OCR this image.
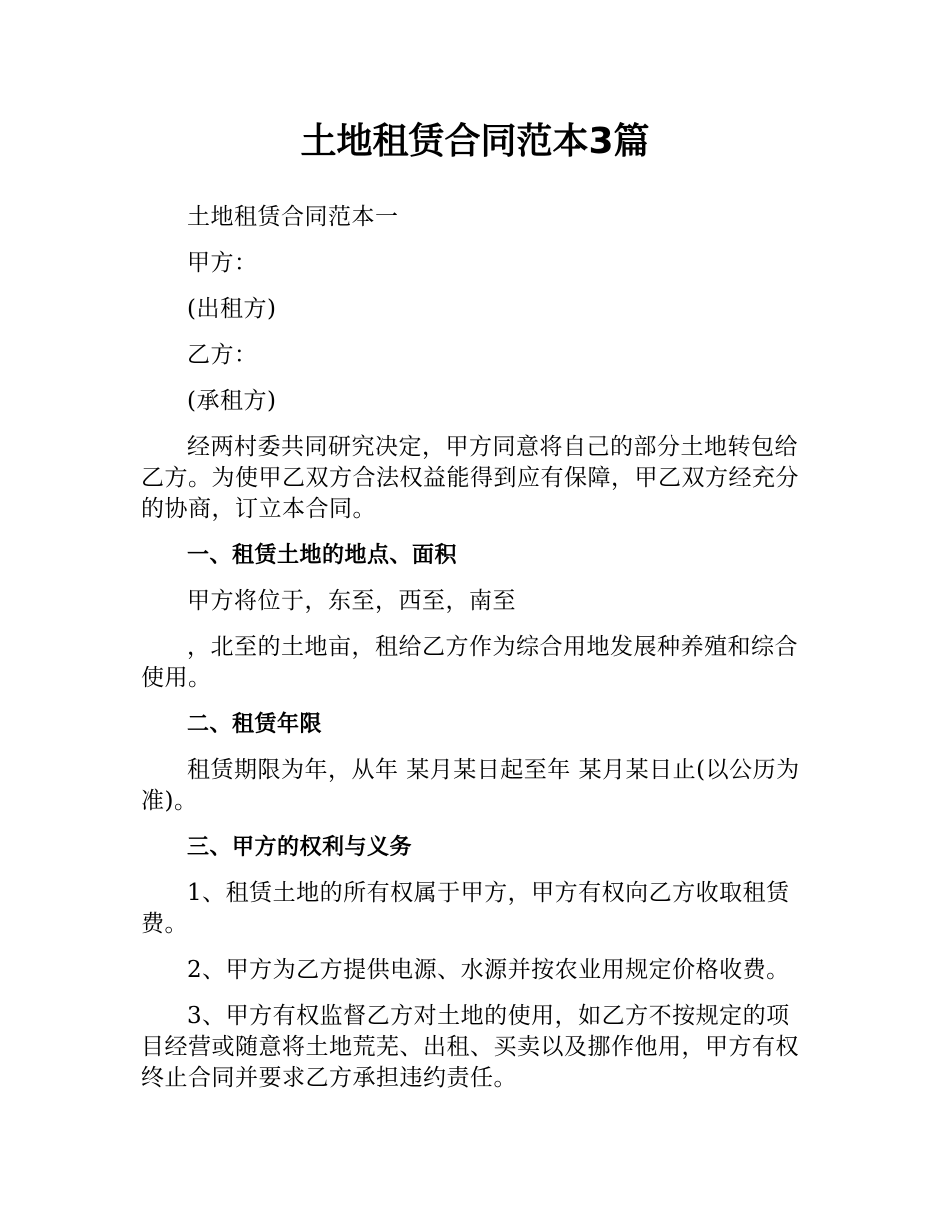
土地租赁合同范本3篇

土地租赁合同范本一

甲方：

(出租方)

乙方：

(承租方)

经两村委共同研究决定，甲方同意将自己的部分土地转包给乙方。为使甲乙双方合法权益能得到应有保障，甲乙双方经充分的协商，订立本合同。

一、租赁土地的地点、面积

甲方将位于，东至，西至，南至

，北至的土地亩，租给乙方作为综合用地发展种养殖和综合使用。

二、租赁年限

租赁期限为年，从年 某月某日起至年 某月某日止(以公历为准)。

三、甲方的权利与义务

1、租赁土地的所有权属于甲方，甲方有权向乙方收取租赁费。

2、甲方为乙方提供电源、水源并按农业用规定价格收费。

3、甲方有权监督乙方对土地的使用，如乙方不按规定的项目经营或随意将土地荒芜、出租、买卖以及挪作他用，甲方有权终止合同并要求乙方承担违约责任。
